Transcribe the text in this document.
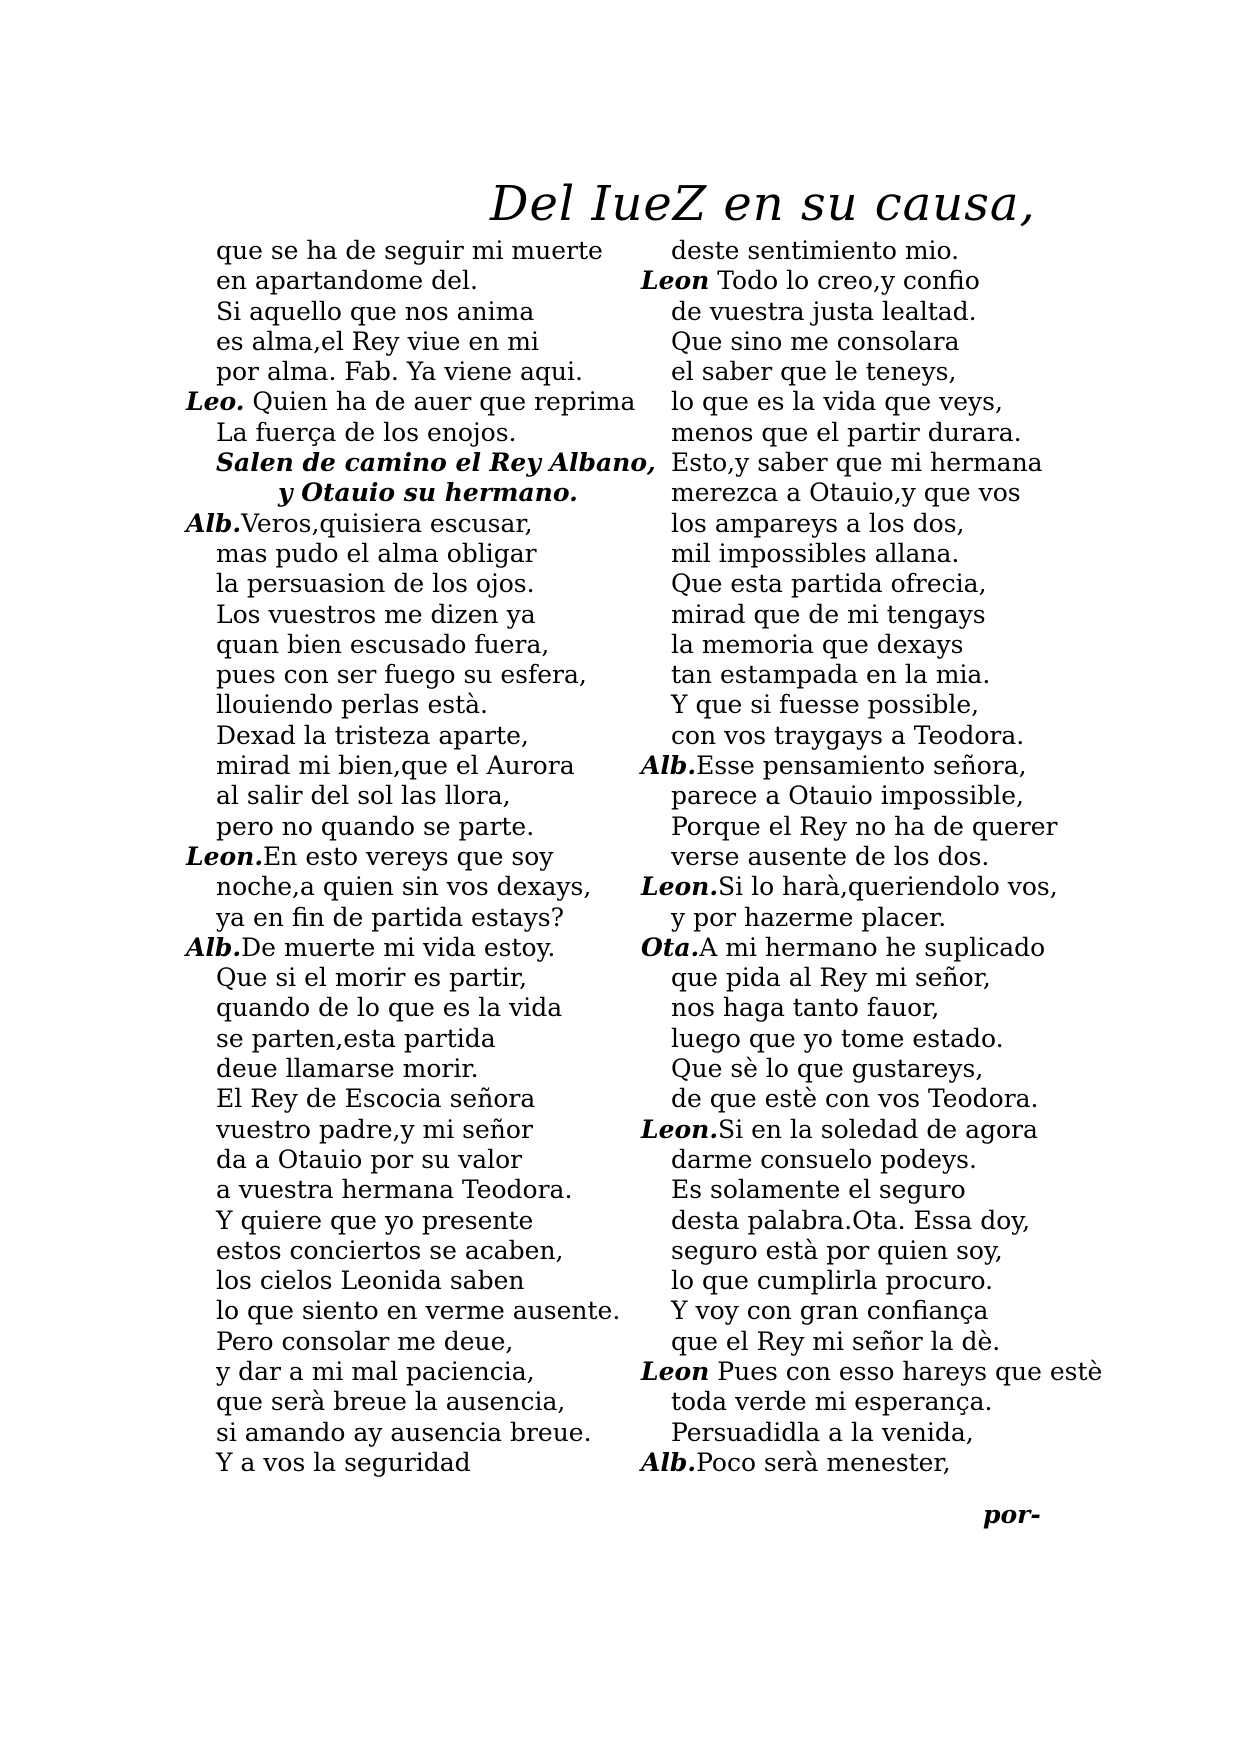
Del IueZ en su causa,
que se ha de seguir mi muerte
en apartandome del.
Si aquello que nos anima
es alma,el Rey viue en mi
por alma. Fab. Ya viene aqui.
Leo. Quien ha de auer que reprima
La fuerça de los enojos.
Salen de camino el Rey Albano,
y Otauio su hermano.
Alb.Veros,quisiera escusar,
mas pudo el alma obligar
la persuasion de los ojos.
Los vuestros me dizen ya
quan bien escusado fuera,
pues con ser fuego su esfera,
llouiendo perlas està.
Dexad la tristeza aparte,
mirad mi bien,que el Aurora
al salir del sol las llora,
pero no quando se parte.
Leon.En esto vereys que soy
noche,a quien sin vos dexays,
ya en fin de partida estays?
Alb.De muerte mi vida estoy.
Que si el morir es partir,
quando de lo que es la vida
se parten,esta partida
deue llamarse morir.
El Rey de Escocia señora
vuestro padre,y mi señor
da a Otauio por su valor
a vuestra hermana Teodora.
Y quiere que yo presente
estos conciertos se acaben,
los cielos Leonida saben
lo que siento en verme ausente.
Pero consolar me deue,
y dar a mi mal paciencia,
que serà breue la ausencia,
si amando ay ausencia breue.
Y a vos la seguridad
deste sentimiento mio.
Leon Todo lo creo,y confio
de vuestra justa lealtad.
Que sino me consolara
el saber que le teneys,
lo que es la vida que veys,
menos que el partir durara.
Esto,y saber que mi hermana
merezca a Otauio,y que vos
los ampareys a los dos,
mil impossibles allana.
Que esta partida ofrecia,
mirad que de mi tengays
la memoria que dexays
tan estampada en la mia.
Y que si fuesse possible,
con vos traygays a Teodora.
Alb.Esse pensamiento señora,
parece a Otauio impossible,
Porque el Rey no ha de querer
verse ausente de los dos.
Leon.Si lo harà,queriendolo vos,
y por hazerme placer.
Ota.A mi hermano he suplicado
que pida al Rey mi señor,
nos haga tanto fauor,
luego que yo tome estado.
Que sè lo que gustareys,
de que estè con vos Teodora.
Leon.Si en la soledad de agora
darme consuelo podeys.
Es solamente el seguro
desta palabra.Ota. Essa doy,
seguro està por quien soy,
lo que cumplirla procuro.
Y voy con gran confiança
que el Rey mi señor la dè.
Leon Pues con esso hareys que estè
toda verde mi esperança.
Persuadidla a la venida,
Alb.Poco serà menester,
por-
